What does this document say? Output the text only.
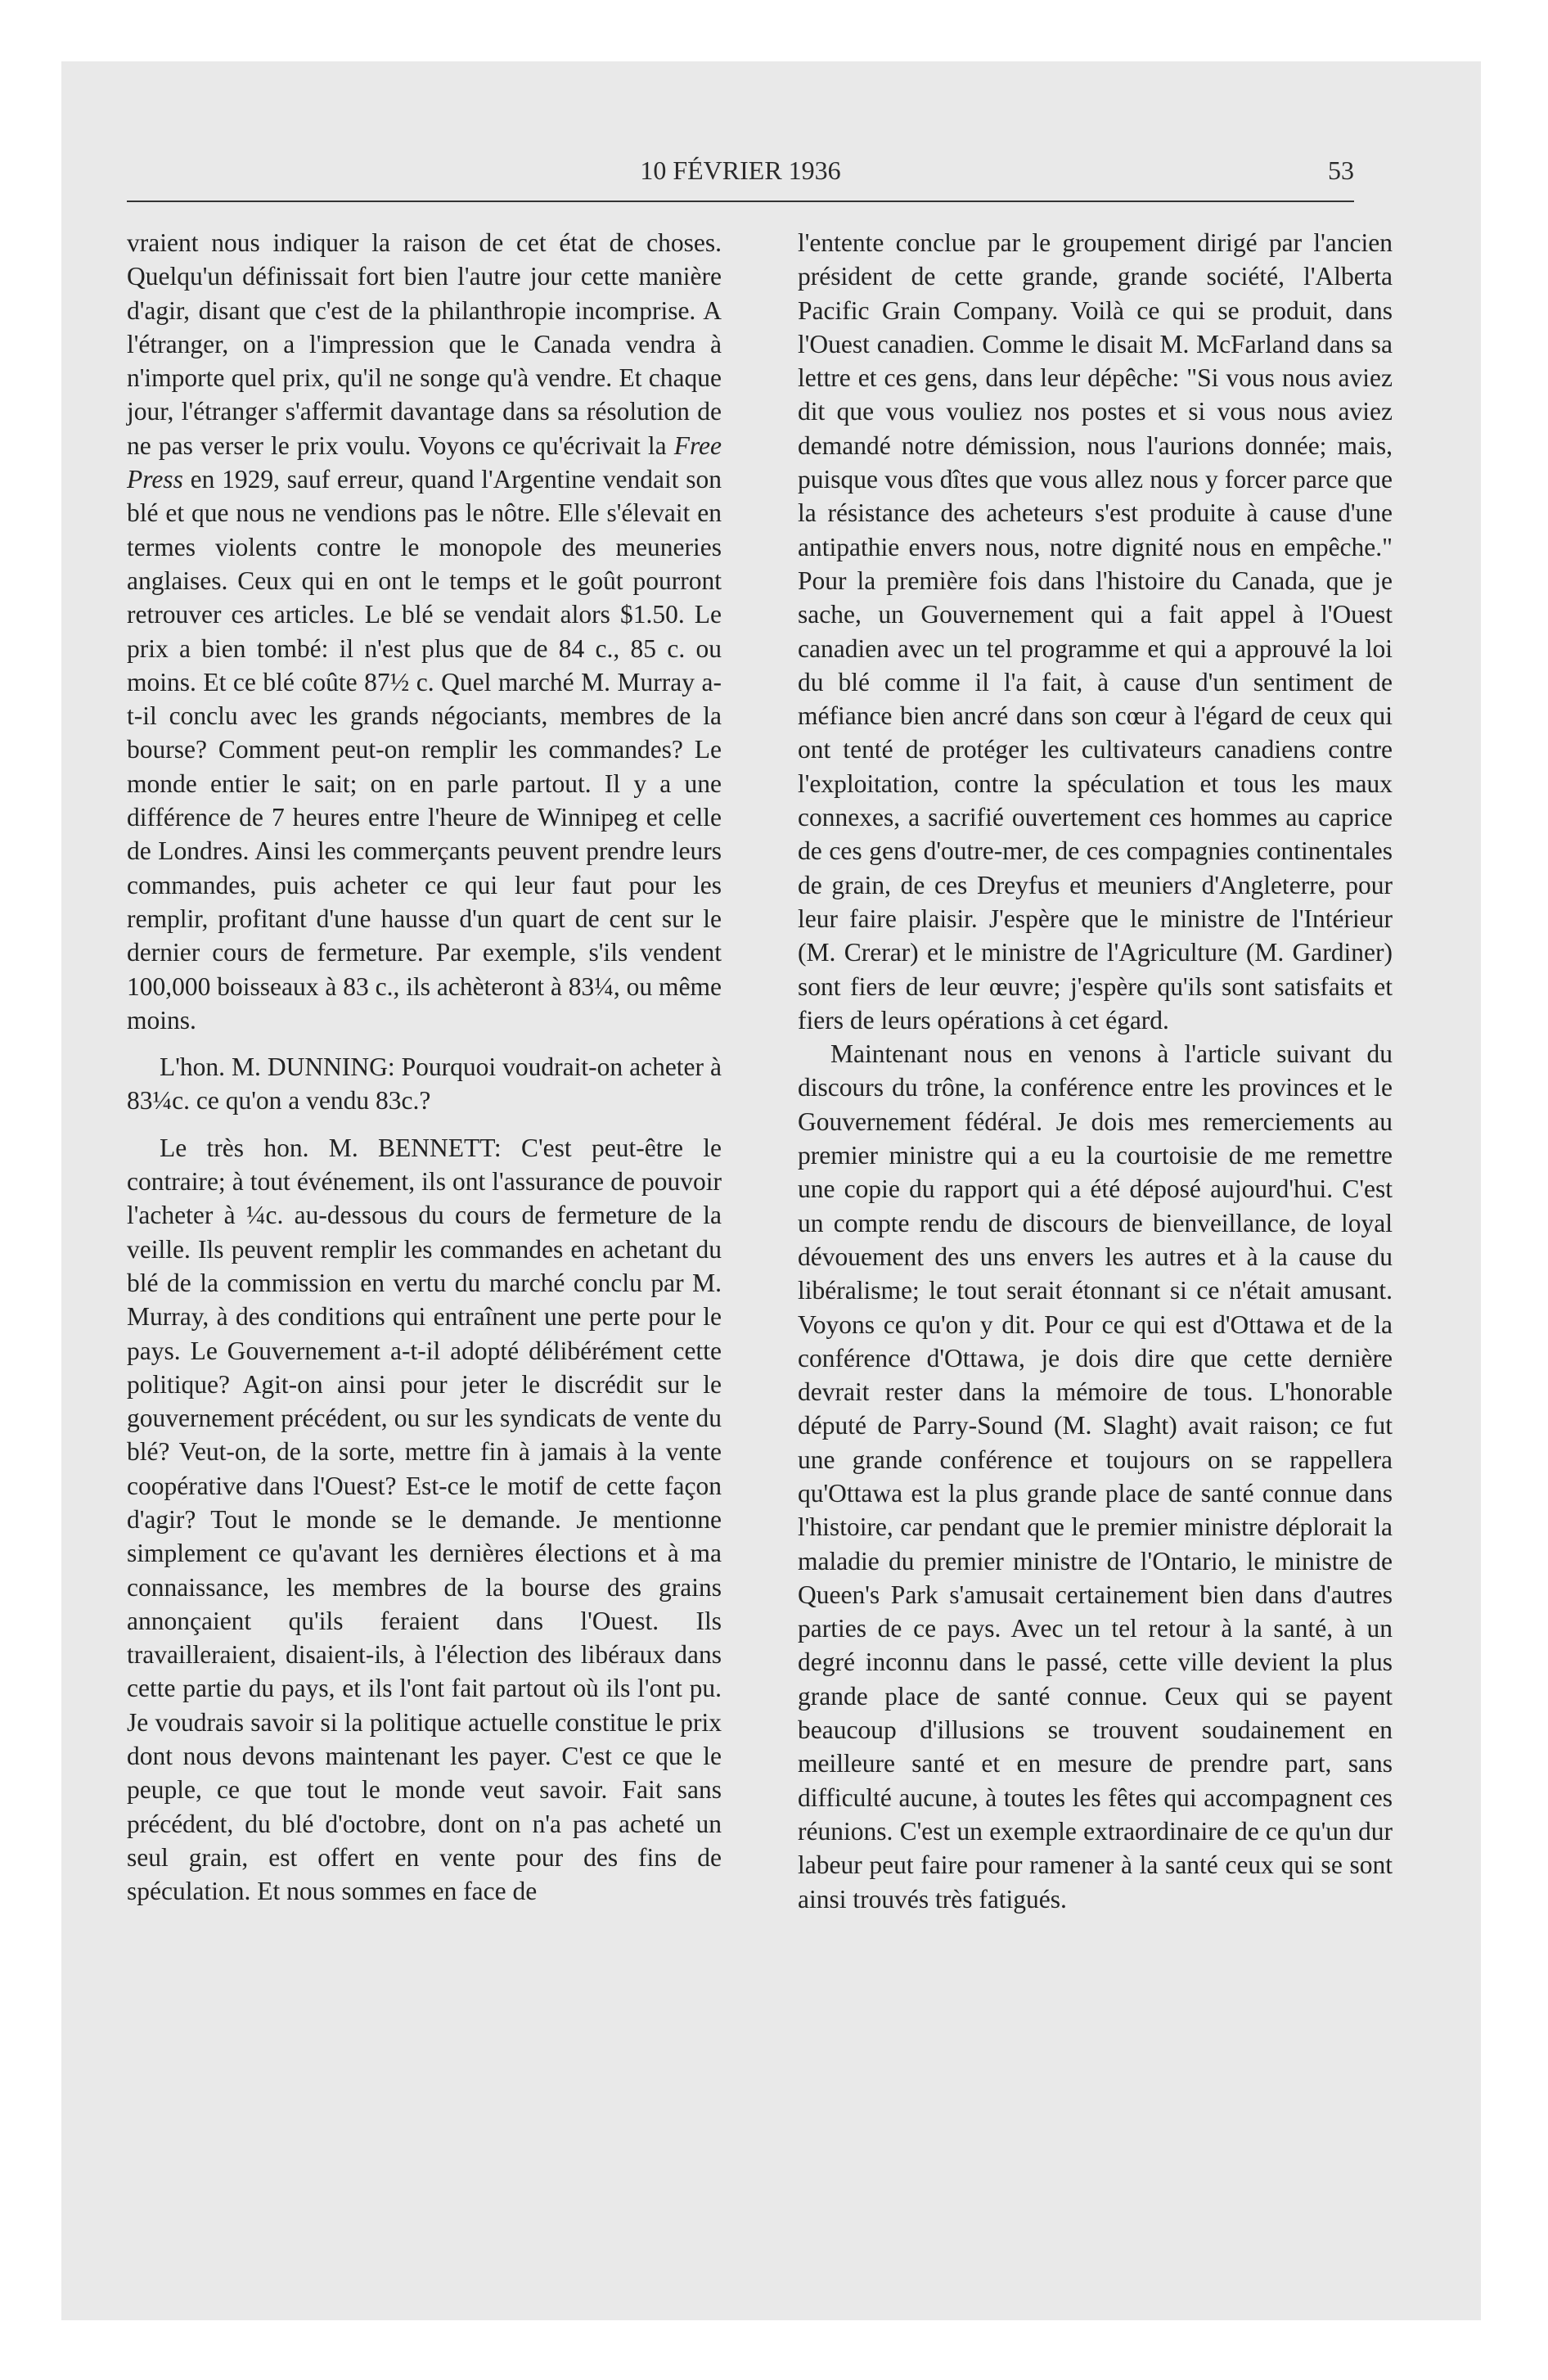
10 FÉVRIER 1936	53

vraient nous indiquer la raison de cet état de choses. Quelqu'un définissait fort bien l'autre jour cette manière d'agir, disant que c'est de la philanthropie incomprise. A l'étranger, on a l'impression que le Canada vendra à n'importe quel prix, qu'il ne songe qu'à vendre. Et chaque jour, l'étranger s'affermit davantage dans sa résolution de ne pas verser le prix voulu. Voyons ce qu'écrivait la Free Press en 1929, sauf erreur, quand l'Argentine vendait son blé et que nous ne vendions pas le nôtre. Elle s'élevait en termes violents contre le monopole des meuneries anglaises. Ceux qui en ont le temps et le goût pourront retrouver ces articles. Le blé se vendait alors $1.50. Le prix a bien tombé: il n'est plus que de 84 c., 85 c. ou moins. Et ce blé coûte 87½ c. Quel marché M. Murray a-t-il conclu avec les grands négociants, membres de la bourse? Comment peut-on remplir les commandes? Le monde entier le sait; on en parle partout. Il y a une différence de 7 heures entre l'heure de Winnipeg et celle de Londres. Ainsi les commerçants peuvent prendre leurs commandes, puis acheter ce qui leur faut pour les remplir, profitant d'une hausse d'un quart de cent sur le dernier cours de fermeture. Par exemple, s'ils vendent 100,000 boisseaux à 83 c., ils achèteront à 83¼, ou même moins.

L'hon. M. DUNNING: Pourquoi voudrait-on acheter à 83¼c. ce qu'on a vendu 83c.?

Le très hon. M. BENNETT: C'est peut-être le contraire; à tout événement, ils ont l'assurance de pouvoir l'acheter à ¼c. au-dessous du cours de fermeture de la veille. Ils peuvent remplir les commandes en achetant du blé de la commission en vertu du marché conclu par M. Murray, à des conditions qui entraînent une perte pour le pays. Le Gouvernement a-t-il adopté délibérément cette politique? Agit-on ainsi pour jeter le discrédit sur le gouvernement précédent, ou sur les syndicats de vente du blé? Veut-on, de la sorte, mettre fin à jamais à la vente coopérative dans l'Ouest? Est-ce le motif de cette façon d'agir? Tout le monde se le demande. Je mentionne simplement ce qu'avant les dernières élections et à ma connaissance, les membres de la bourse des grains annonçaient qu'ils feraient dans l'Ouest. Ils travailleraient, disaient-ils, à l'élection des libéraux dans cette partie du pays, et ils l'ont fait partout où ils l'ont pu. Je voudrais savoir si la politique actuelle constitue le prix dont nous devons maintenant les payer. C'est ce que le peuple, ce que tout le monde veut savoir. Fait sans précédent, du blé d'octobre, dont on n'a pas acheté un seul grain, est offert en vente pour des fins de spéculation. Et nous sommes en face de

l'entente conclue par le groupement dirigé par l'ancien président de cette grande, grande société, l'Alberta Pacific Grain Company. Voilà ce qui se produit, dans l'Ouest canadien. Comme le disait M. McFarland dans sa lettre et ces gens, dans leur dépêche: "Si vous nous aviez dit que vous vouliez nos postes et si vous nous aviez demandé notre démission, nous l'aurions donnée; mais, puisque vous dîtes que vous allez nous y forcer parce que la résistance des acheteurs s'est produite à cause d'une antipathie envers nous, notre dignité nous en empêche." Pour la première fois dans l'histoire du Canada, que je sache, un Gouvernement qui a fait appel à l'Ouest canadien avec un tel programme et qui a approuvé la loi du blé comme il l'a fait, à cause d'un sentiment de méfiance bien ancré dans son cœur à l'égard de ceux qui ont tenté de protéger les cultivateurs canadiens contre l'exploitation, contre la spéculation et tous les maux connexes, a sacrifié ouvertement ces hommes au caprice de ces gens d'outre-mer, de ces compagnies continentales de grain, de ces Dreyfus et meuniers d'Angleterre, pour leur faire plaisir. J'espère que le ministre de l'Intérieur (M. Crerar) et le ministre de l'Agriculture (M. Gardiner) sont fiers de leur œuvre; j'espère qu'ils sont satisfaits et fiers de leurs opérations à cet égard.

Maintenant nous en venons à l'article suivant du discours du trône, la conférence entre les provinces et le Gouvernement fédéral. Je dois mes remerciements au premier ministre qui a eu la courtoisie de me remettre une copie du rapport qui a été déposé aujourd'hui. C'est un compte rendu de discours de bienveillance, de loyal dévouement des uns envers les autres et à la cause du libéralisme; le tout serait étonnant si ce n'était amusant. Voyons ce qu'on y dit. Pour ce qui est d'Ottawa et de la conférence d'Ottawa, je dois dire que cette dernière devrait rester dans la mémoire de tous. L'honorable député de Parry-Sound (M. Slaght) avait raison; ce fut une grande conférence et toujours on se rappellera qu'Ottawa est la plus grande place de santé connue dans l'histoire, car pendant que le premier ministre déplorait la maladie du premier ministre de l'Ontario, le ministre de Queen's Park s'amusait certainement bien dans d'autres parties de ce pays. Avec un tel retour à la santé, à un degré inconnu dans le passé, cette ville devient la plus grande place de santé connue. Ceux qui se payent beaucoup d'illusions se trouvent soudainement en meilleure santé et en mesure de prendre part, sans difficulté aucune, à toutes les fêtes qui accompagnent ces réunions. C'est un exemple extraordinaire de ce qu'un dur labeur peut faire pour ramener à la santé ceux qui se sont ainsi trouvés très fatigués.
